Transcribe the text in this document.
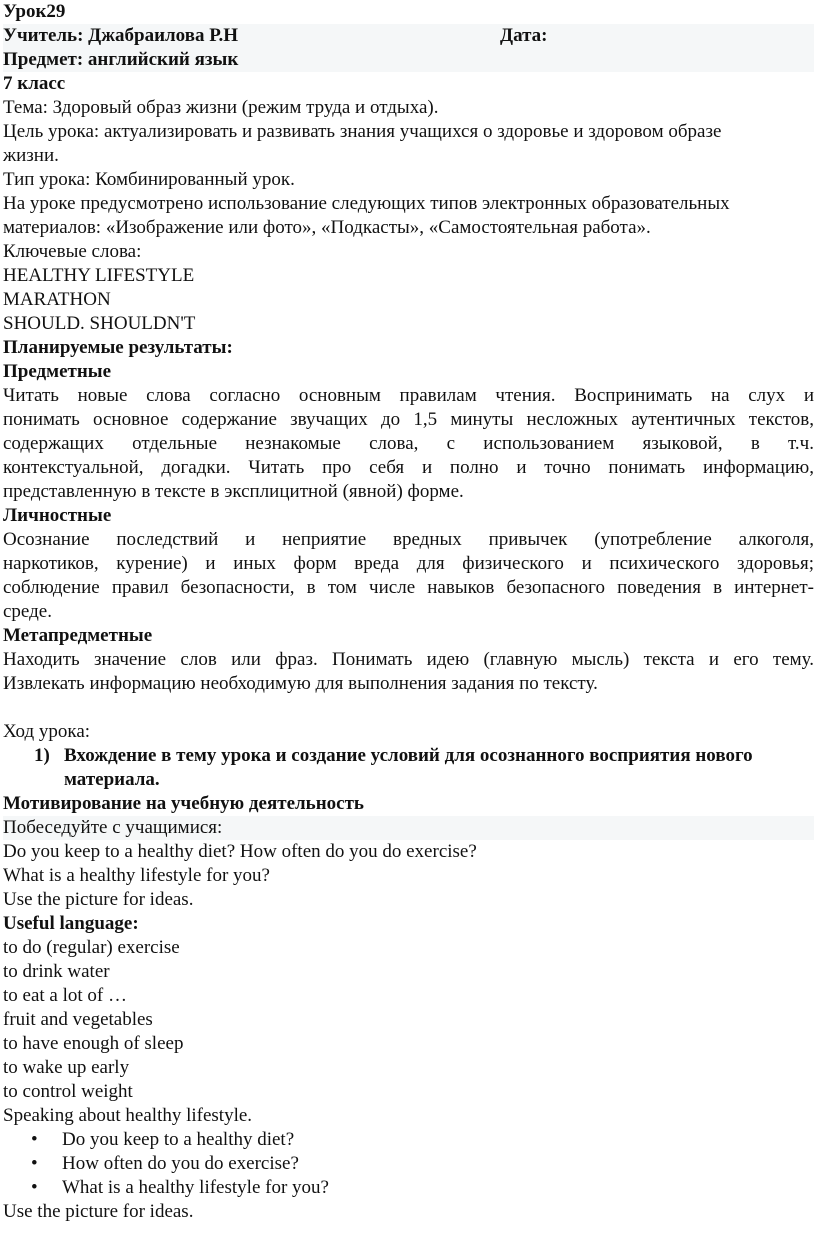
Урок29
Учитель: Джабраилова Р.Н	Дата:
Предмет: английский язык
7 класс
Тема: Здоровый образ жизни (режим труда и отдыха).
Цель урока: актуализировать и развивать знания учащихся о здоровье и здоровом образе
жизни.
Тип урока: Комбинированный урок.
На уроке предусмотрено использование следующих типов электронных образовательных
материалов: «Изображение или фото», «Подкасты», «Самостоятельная работа».
Ключевые слова:
HEALTHY LIFESTYLE
MARATHON
SHOULD. SHOULDN'T
Планируемые результаты:
Предметные
Читать новые слова согласно основным правилам чтения. Воспринимать на слух и
понимать основное содержание звучащих до 1,5 минуты несложных аутентичных текстов,
содержащих отдельные незнакомые слова, с использованием языковой, в т.ч.
контекстуальной, догадки. Читать про себя и полно и точно понимать информацию,
представленную в тексте в эксплицитной (явной) форме.
Личностные
Осознание последствий и неприятие вредных привычек (употребление алкоголя,
наркотиков, курение) и иных форм вреда для физического и психического здоровья;
соблюдение правил безопасности, в том числе навыков безопасного поведения в интернет-
среде.
Метапредметные
Находить значение слов или фраз. Понимать идею (главную мысль) текста и его тему.
Извлекать информацию необходимую для выполнения задания по тексту.
Ход урока:
1) Вхождение в тему урока и создание условий для осознанного восприятия нового
материала.
Мотивирование на учебную деятельность
Побеседуйте с учащимися:
Do you keep to a healthy diet? How often do you do exercise?
What is a healthy lifestyle for you?
Use the picture for ideas.
Useful language:
to do (regular) exercise
to drink water
to eat a lot of …
fruit and vegetables
to have enough of sleep
to wake up early
to control weight
Speaking about healthy lifestyle.
•	Do you keep to a healthy diet?
•	How often do you do exercise?
•	What is a healthy lifestyle for you?
Use the picture for ideas.
